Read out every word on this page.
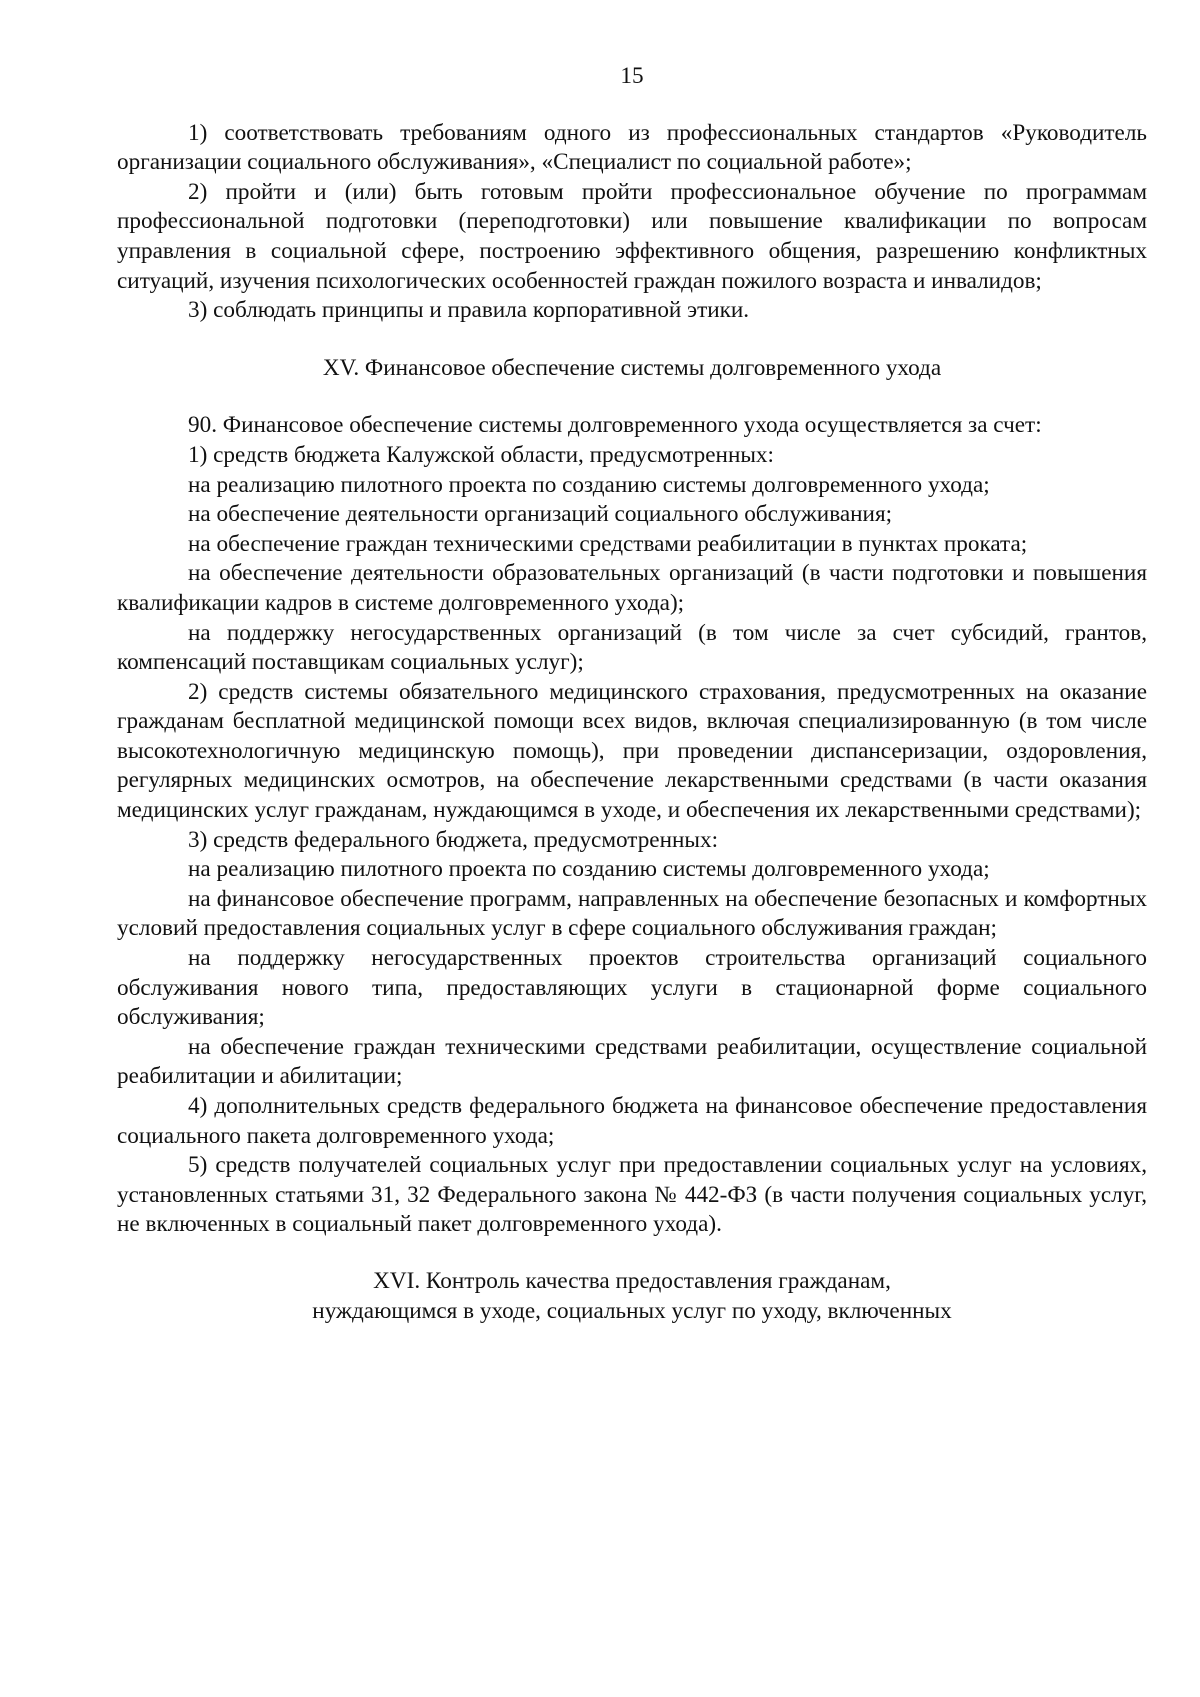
15

1) соответствовать требованиям одного из профессиональных стандартов «Руководитель организации социального обслуживания», «Специалист по социальной работе»;

2) пройти и (или) быть готовым пройти профессиональное обучение по программам профессиональной подготовки (переподготовки) или повышение квалификации по вопросам управления в социальной сфере, построению эффективного общения, разрешению конфликтных ситуаций, изучения психологических особенностей граждан пожилого возраста и инвалидов;

3) соблюдать принципы и правила корпоративной этики.

XV. Финансовое обеспечение системы долговременного ухода

90. Финансовое обеспечение системы долговременного ухода осуществляется за счет:

1) средств бюджета Калужской области, предусмотренных:

на реализацию пилотного проекта по созданию системы долговременного ухода;

на обеспечение деятельности организаций социального обслуживания;

на обеспечение граждан техническими средствами реабилитации в пунктах проката;

на обеспечение деятельности образовательных организаций (в части подготовки и повышения квалификации кадров в системе долговременного ухода);

на поддержку негосударственных организаций (в том числе за счет субсидий, грантов, компенсаций поставщикам социальных услуг);

2) средств системы обязательного медицинского страхования, предусмотренных на оказание гражданам бесплатной медицинской помощи всех видов, включая специализированную (в том числе высокотехнологичную медицинскую помощь), при проведении диспансеризации, оздоровления, регулярных медицинских осмотров, на обеспечение лекарственными средствами (в части оказания медицинских услуг гражданам, нуждающимся в уходе, и обеспечения их лекарственными средствами);

3) средств федерального бюджета, предусмотренных:

на реализацию пилотного проекта по созданию системы долговременного ухода;

на финансовое обеспечение программ, направленных на обеспечение безопасных и комфортных условий предоставления социальных услуг в сфере социального обслуживания граждан;

на поддержку негосударственных проектов строительства организаций социального обслуживания нового типа, предоставляющих услуги в стационарной форме социального обслуживания;

на обеспечение граждан техническими средствами реабилитации, осуществление социальной реабилитации и абилитации;

4) дополнительных средств федерального бюджета на финансовое обеспечение предоставления социального пакета долговременного ухода;

5) средств получателей социальных услуг при предоставлении социальных услуг на условиях, установленных статьями 31, 32 Федерального закона № 442-ФЗ (в части получения социальных услуг, не включенных в социальный пакет долговременного ухода).

XVI. Контроль качества предоставления гражданам,
нуждающимся в уходе, социальных услуг по уходу, включенных
